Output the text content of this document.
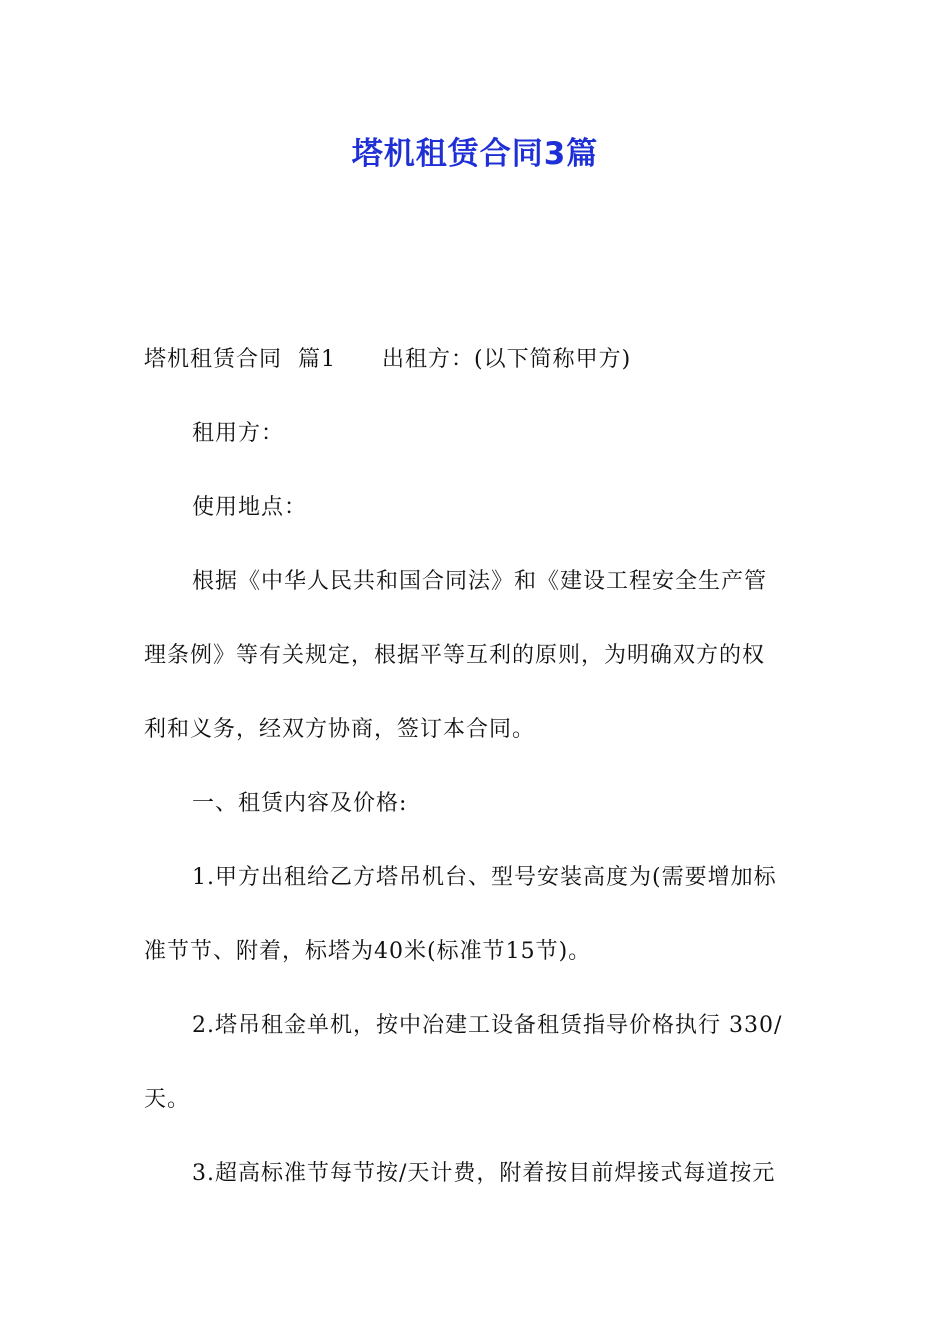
塔机租赁合同3篇
塔机租赁合同  篇1 出租方：(以下简称甲方)
租用方：
使用地点：
根据《中华人民共和国合同法》和《建设工程安全生产管
理条例》等有关规定，根据平等互利的原则，为明确双方的权
利和义务，经双方协商，签订本合同。
一、租赁内容及价格:
1.甲方出租给乙方塔吊机台、型号安装高度为(需要增加标
准节节、附着，标塔为40米(标准节15节)。
2.塔吊租金单机，按中冶建工设备租赁指导价格执行 330/
天。
3.超高标准节每节按/天计费，附着按目前焊接式每道按元
